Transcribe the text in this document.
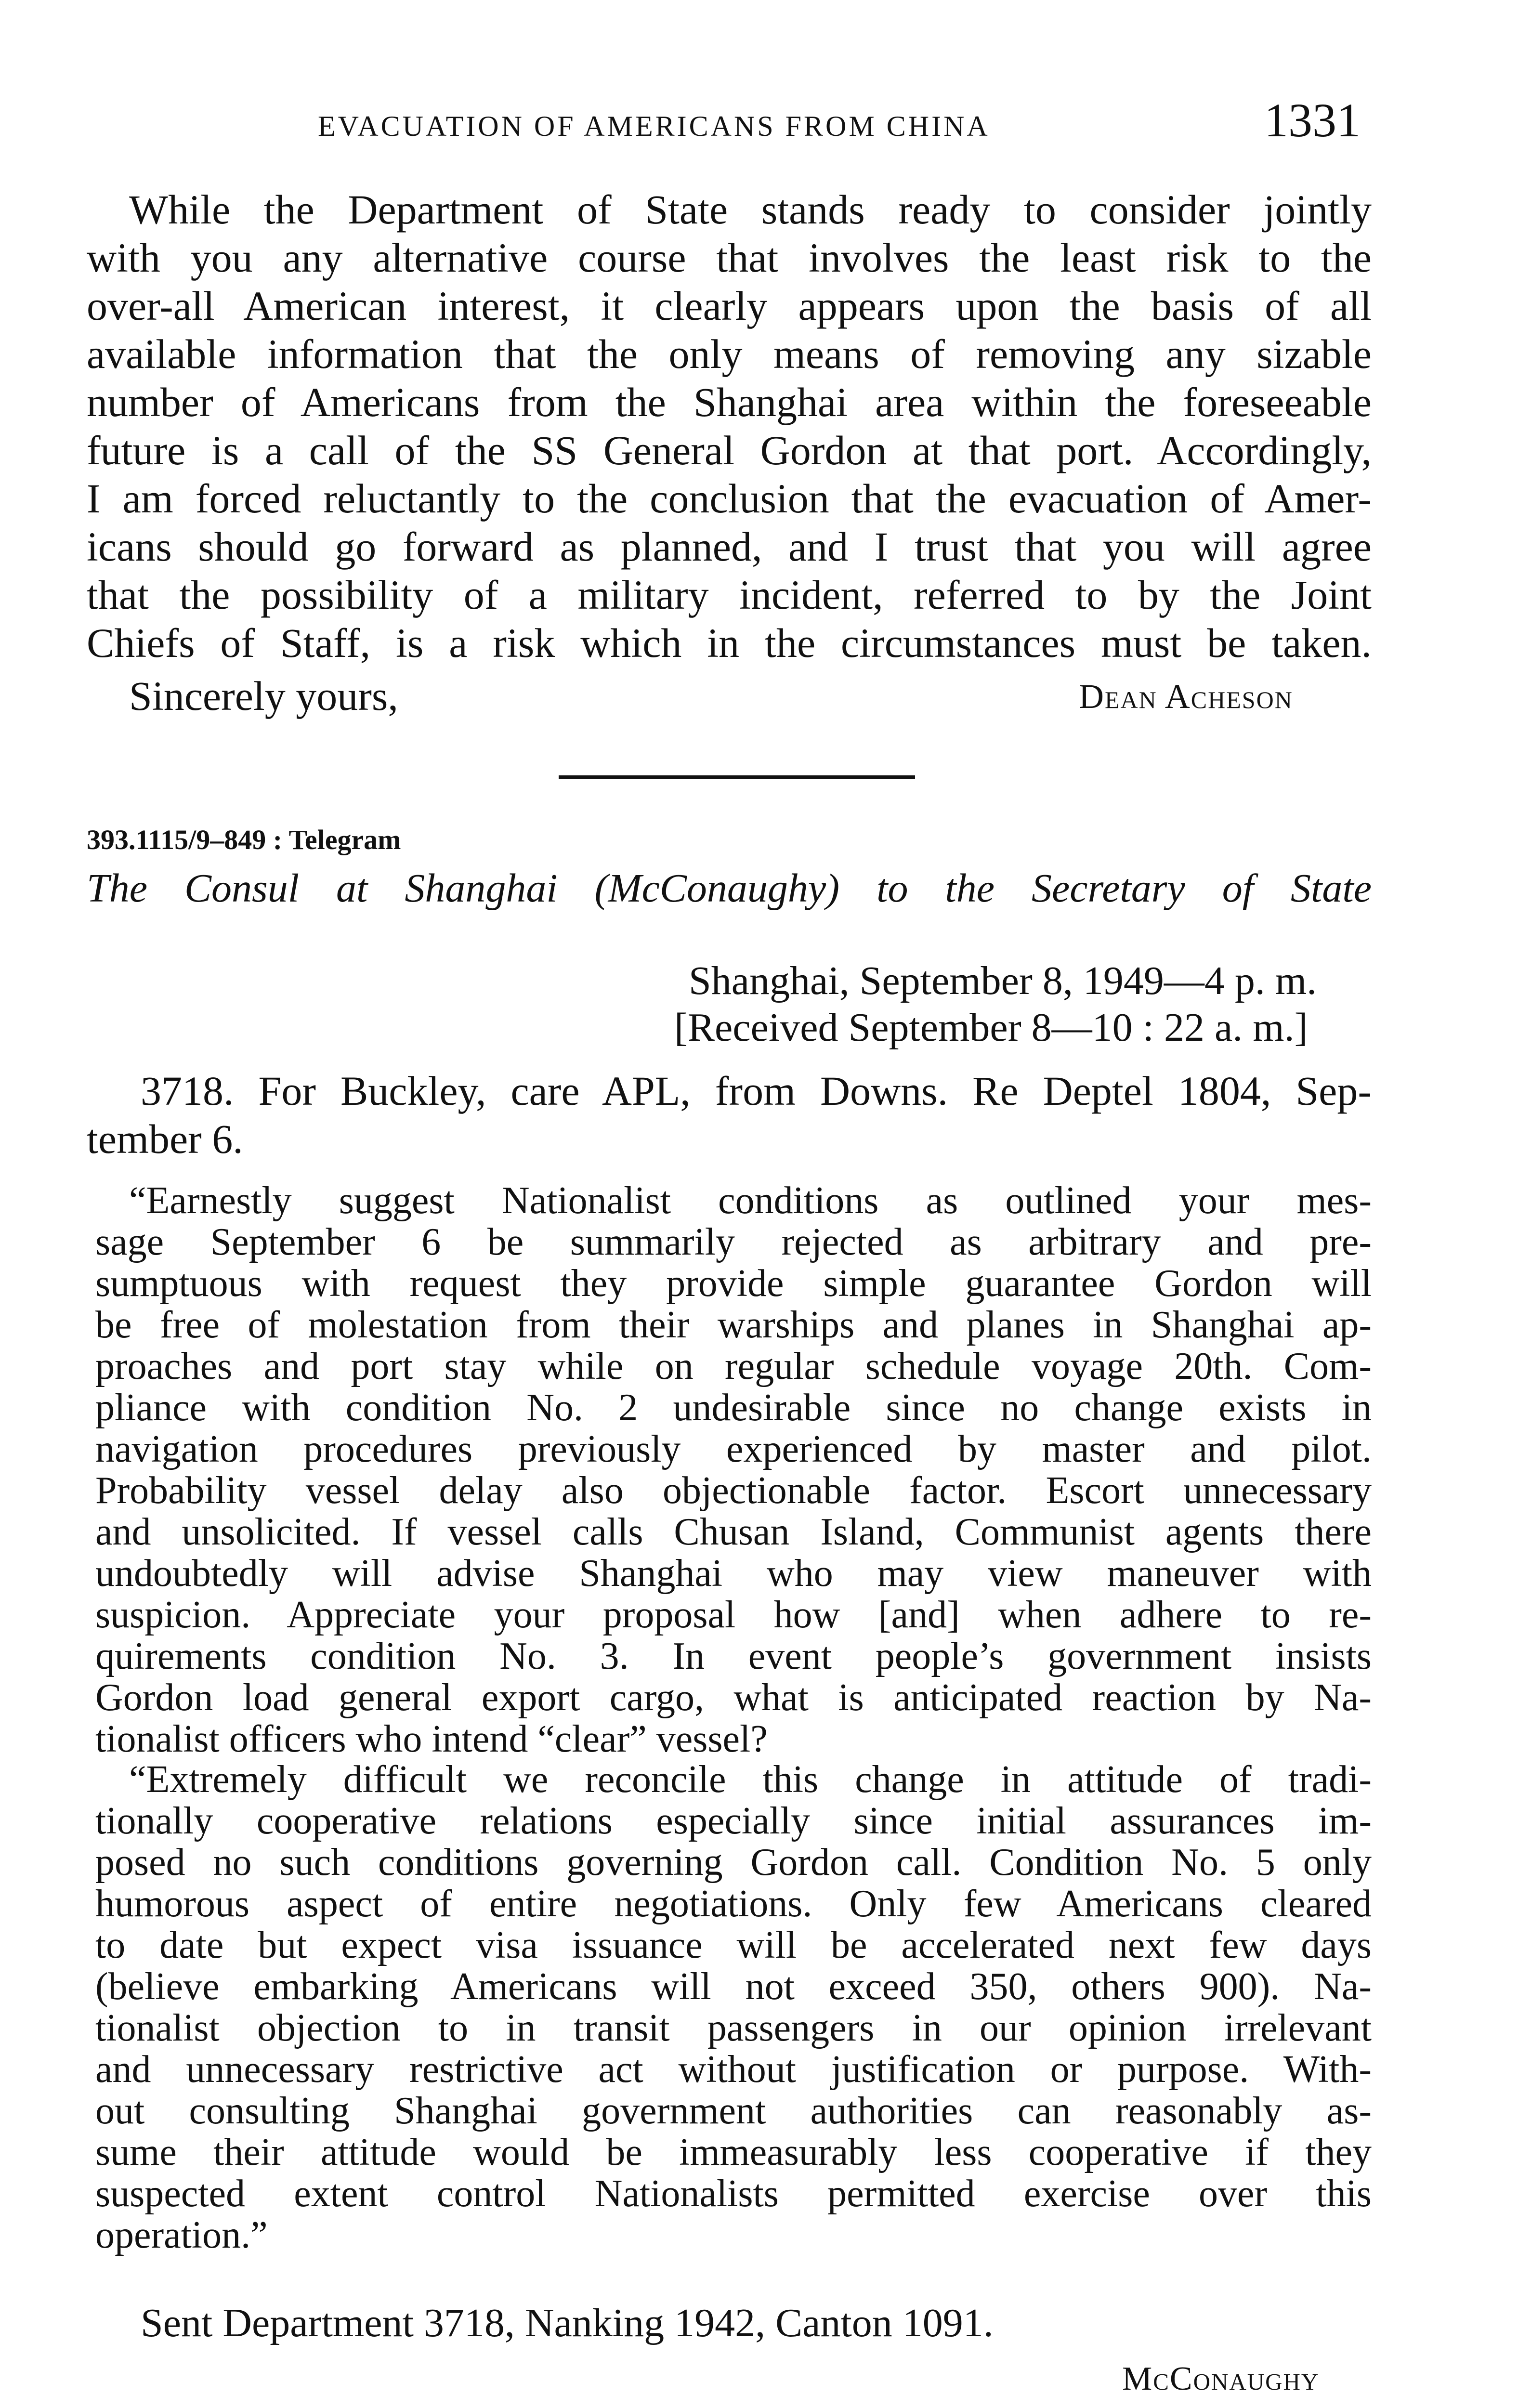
EVACUATION OF AMERICANS FROM CHINA	1331
While the Department of State stands ready to consider jointly
with you any alternative course that involves the least risk to the
over-all American interest, it clearly appears upon the basis of all
available information that the only means of removing any sizable
number of Americans from the Shanghai area within the foreseeable
future is a call of the SS General Gordon at that port. Accordingly,
I am forced reluctantly to the conclusion that the evacuation of Amer-
icans should go forward as planned, and I trust that you will agree
that the possibility of a military incident, referred to by the Joint
Chiefs of Staff, is a risk which in the circumstances must be taken.
Sincerely yours,	Dean Acheson
393.1115/9–849 : Telegram
The Consul at Shanghai (McConaughy) to the Secretary of State
Shanghai, September 8, 1949—4 p. m.
[Received September 8—10 : 22 a. m.]
3718. For Buckley, care APL, from Downs. Re Deptel 1804, Sep-
tember 6.
“Earnestly suggest Nationalist conditions as outlined your mes-
sage September 6 be summarily rejected as arbitrary and pre-
sumptuous with request they provide simple guarantee Gordon will
be free of molestation from their warships and planes in Shanghai ap-
proaches and port stay while on regular schedule voyage 20th. Com-
pliance with condition No. 2 undesirable since no change exists in
navigation procedures previously experienced by master and pilot.
Probability vessel delay also objectionable factor. Escort unnecessary
and unsolicited. If vessel calls Chusan Island, Communist agents there
undoubtedly will advise Shanghai who may view maneuver with
suspicion. Appreciate your proposal how [and] when adhere to re-
quirements condition No. 3. In event people’s government insists
Gordon load general export cargo, what is anticipated reaction by Na-
tionalist officers who intend “clear” vessel?
“Extremely difficult we reconcile this change in attitude of tradi-
tionally cooperative relations especially since initial assurances im-
posed no such conditions governing Gordon call. Condition No. 5 only
humorous aspect of entire negotiations. Only few Americans cleared
to date but expect visa issuance will be accelerated next few days
(believe embarking Americans will not exceed 350, others 900). Na-
tionalist objection to in transit passengers in our opinion irrelevant
and unnecessary restrictive act without justification or purpose. With-
out consulting Shanghai government authorities can reasonably as-
sume their attitude would be immeasurably less cooperative if they
suspected extent control Nationalists permitted exercise over this
operation.”
Sent Department 3718, Nanking 1942, Canton 1091.
McConaughy
